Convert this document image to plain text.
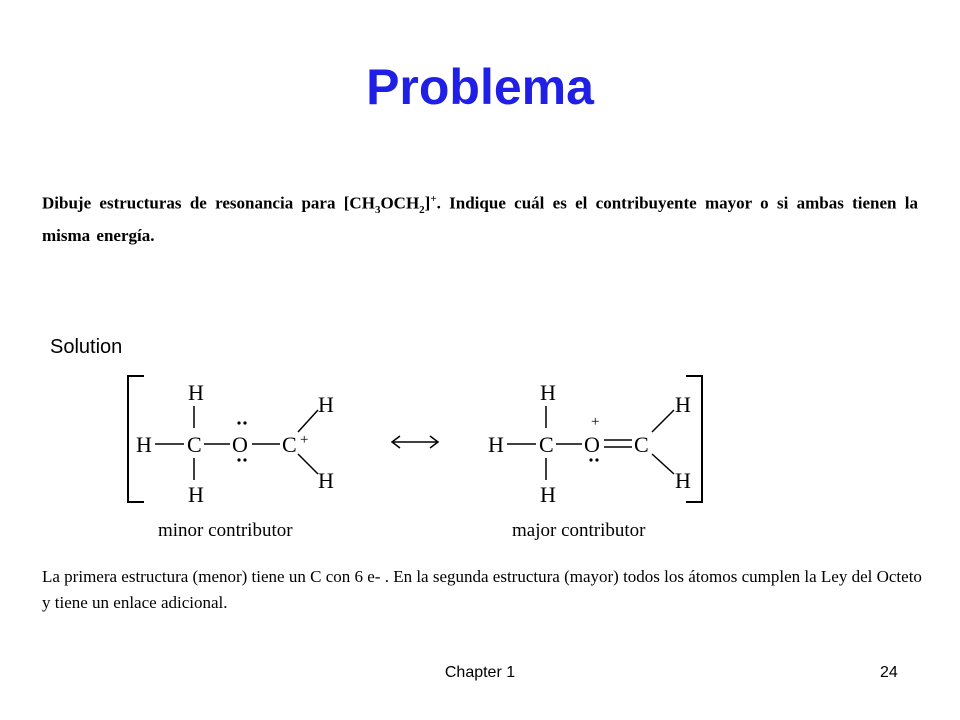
Problema
Dibuje estructuras de resonancia para $[CH_3OCH_2]^+$. Indique cuál es el contribuyente mayor o si ambas tienen la misma energía.
Solution
H
H C O C +
H
H
H
H
H C O
+
C
H
H
H
minor contributor	major contributor
La primera estructura (menor) tiene un C con 6 e- . En la segunda estructura (mayor) todos los átomos cumplen la Ley del Octeto y tiene un enlace adicional.
Chapter 1	24
